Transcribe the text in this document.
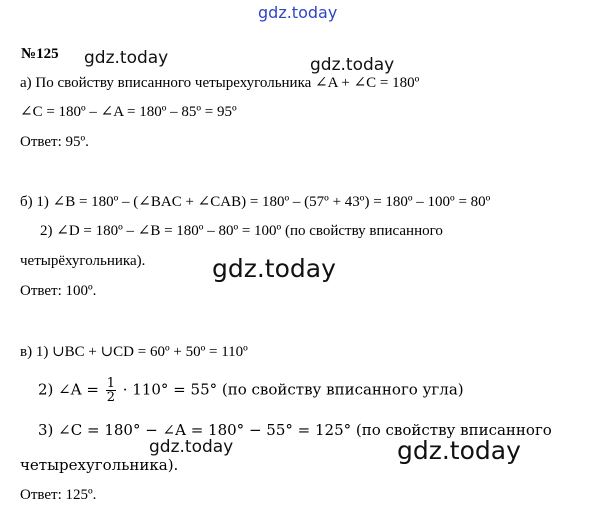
gdz.today
№125 gdz.today	gdz.today
а) По свойству вписанного четырехугольника ∠A + ∠C = 180º
∠C = 180º – ∠A = 180º – 85º = 95º
Ответ: 95º.
б) 1) ∠B = 180º – (∠BAC + ∠CAB) = 180º – (57º + 43º) = 180º – 100º = 80º
2) ∠D = 180º – ∠B = 180º – 80º = 100º (по свойству вписанного
четырёхугольника).	gdz.today
Ответ: 100º.
в) 1) ∪BC + ∪CD = 60º + 50º = 110º
2) ∠A = $\frac{1}{2} \cdot 110^\circ = 55^\circ$ (по свойству вписанного угла)
3) ∠C = 180° − ∠A = 180° − 55° = 125° (по свойству вписанного
gdz.today	gdz.today
четырехугольника).
Ответ: 125º.
